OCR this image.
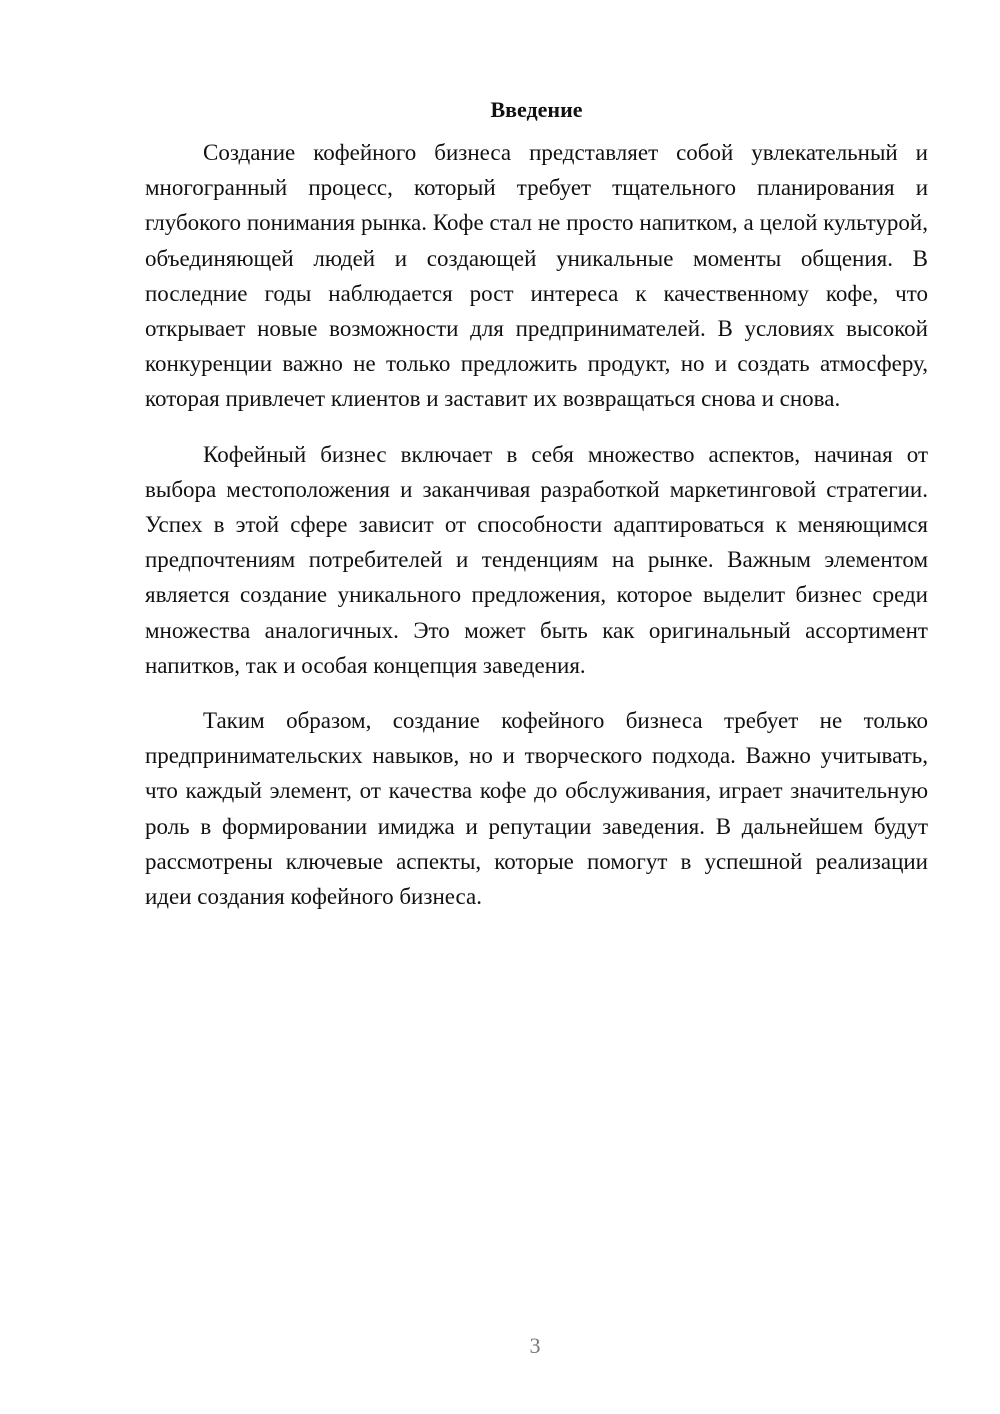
Введение

Создание кофейного бизнеса представляет собой увлекательный и многогранный процесс, который требует тщательного планирования и глубокого понимания рынка. Кофе стал не просто напитком, а целой культурой, объединяющей людей и создающей уникальные моменты общения. В последние годы наблюдается рост интереса к качественному кофе, что открывает новые возможности для предпринимателей. В условиях высокой конкуренции важно не только предложить продукт, но и создать атмосферу, которая привлечет клиентов и заставит их возвращаться снова и снова.

Кофейный бизнес включает в себя множество аспектов, начиная от выбора местоположения и заканчивая разработкой маркетинговой стратегии. Успех в этой сфере зависит от способности адаптироваться к меняющимся предпочтениям потребителей и тенденциям на рынке. Важным элементом является создание уникального предложения, которое выделит бизнес среди множества аналогичных. Это может быть как оригинальный ассортимент напитков, так и особая концепция заведения.

Таким образом, создание кофейного бизнеса требует не только предпринимательских навыков, но и творческого подхода. Важно учитывать, что каждый элемент, от качества кофе до обслуживания, играет значительную роль в формировании имиджа и репутации заведения. В дальнейшем будут рассмотрены ключевые аспекты, которые помогут в успешной реализации идеи создания кофейного бизнеса.

3
